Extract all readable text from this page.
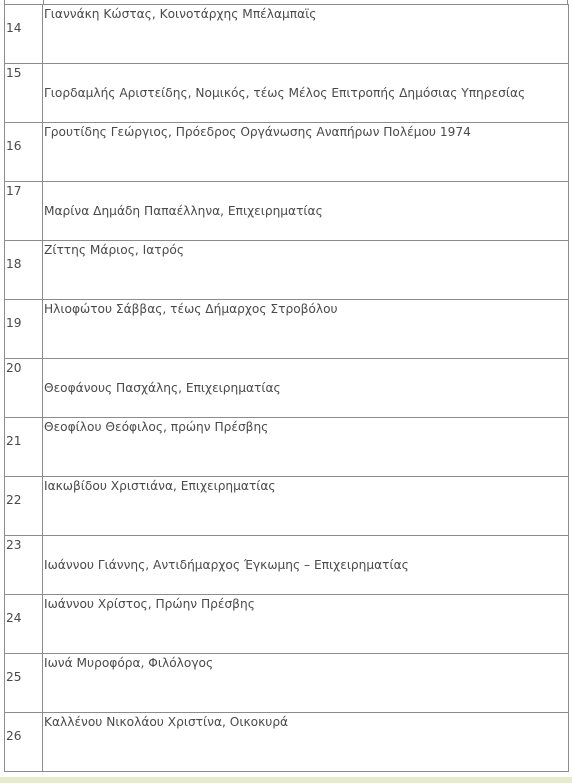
14	Γιαννάκη Κώστας, Κοινοτάρχης Μπέλαμπαϊς

15	Γιορδαμλής Αριστείδης, Νομικός, τέως Μέλος Επιτροπής Δημόσιας Υπηρεσίας

16	Γρουτίδης Γεώργιος, Πρόεδρος Οργάνωσης Αναπήρων Πολέμου 1974

17	Μαρίνα Δημάδη Παπαέλληνα, Επιχειρηματίας

18	Ζίττης Μάριος, Ιατρός

19	Ηλιοφώτου Σάββας, τέως Δήμαρχος Στροβόλου

20	Θεοφάνους Πασχάλης, Επιχειρηματίας

21	Θεοφίλου Θεόφιλος, πρώην Πρέσβης

22	Ιακωβίδου Χριστιάνα, Επιχειρηματίας

23	Ιωάννου Γιάννης, Αντιδήμαρχος Έγκωμης – Επιχειρηματίας

24	Ιωάννου Χρίστος, Πρώην Πρέσβης

25	Ιωνά Μυροφόρα, Φιλόλογος

26	Καλλένου Νικολάου Χριστίνα, Οικοκυρά
